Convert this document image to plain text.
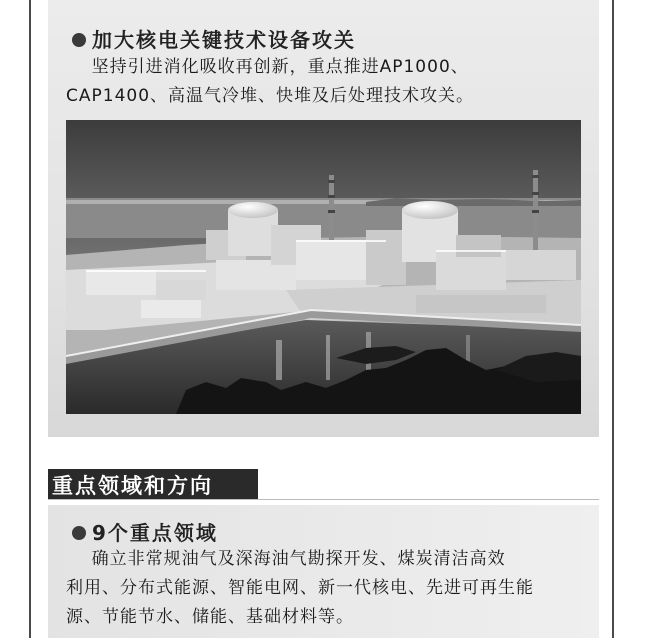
加大核电关键技术设备攻关
坚持引进消化吸收再创新，重点推进AP1000、
CAP1400、高温气冷堆、快堆及后处理技术攻关。
重点领域和方向
9个重点领域
确立非常规油气及深海油气勘探开发、煤炭清洁高效
利用、分布式能源、智能电网、新一代核电、先进可再生能
源、节能节水、储能、基础材料等。
